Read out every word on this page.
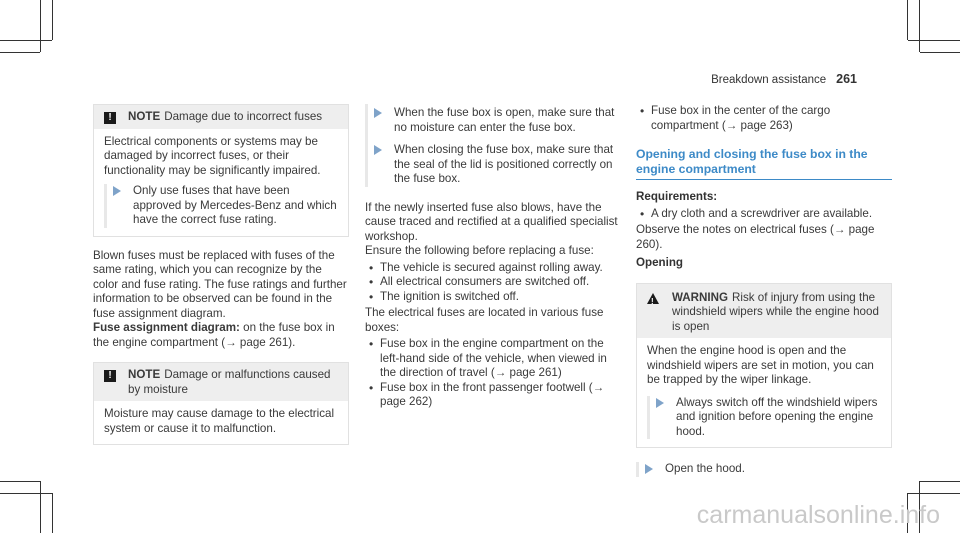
Breakdown assistance 261
!	NOTE Damage due to incorrect fuses

Electrical components or systems may be damaged by incorrect fuses, or their functionality may be significantly impaired.

Only use fuses that have been approved by Mercedes-Benz and which have the correct fuse rating.

Blown fuses must be replaced with fuses of the same rating, which you can recognize by the color and fuse rating. The fuse ratings and further information to be observed can be found in the fuse assignment diagram.

Fuse assignment diagram: on the fuse box in the engine compartment (→ page 261).

!	NOTE Damage or malfunctions caused by moisture

Moisture may cause damage to the electrical system or cause it to malfunction.

When the fuse box is open, make sure that no moisture can enter the fuse box.

When closing the fuse box, make sure that the seal of the lid is positioned correctly on the fuse box.

If the newly inserted fuse also blows, have the cause traced and rectified at a qualified specialist workshop.

Ensure the following before replacing a fuse:

• The vehicle is secured against rolling away.
• All electrical consumers are switched off.
• The ignition is switched off.

The electrical fuses are located in various fuse boxes:

• Fuse box in the engine compartment on the left-hand side of the vehicle, when viewed in the direction of travel (→ page 261)
• Fuse box in the front passenger footwell (→ page 262)
• Fuse box in the center of the cargo compartment (→ page 263)
Opening and closing the fuse box in the engine compartment

Requirements:

• A dry cloth and a screwdriver are available.

Observe the notes on electrical fuses (→ page 260).

Opening

! WARNING Risk of injury from using the windshield wipers while the engine hood is open

When the engine hood is open and the windshield wipers are set in motion, you can be trapped by the wiper linkage.

Always switch off the windshield wipers and ignition before opening the engine hood.

Open the hood.

carmanualsonline.info
